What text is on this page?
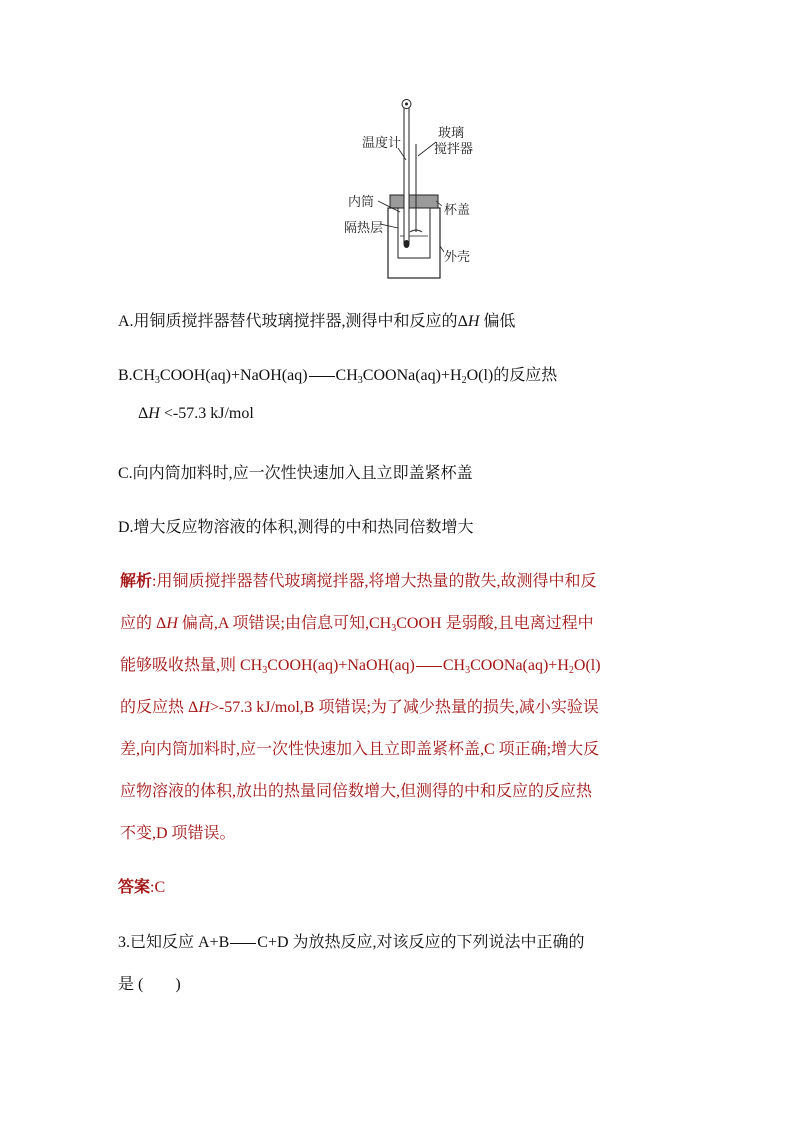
温度计
玻璃
搅拌器
内筒
杯盖
隔热层
外壳
A.用铜质搅拌器替代玻璃搅拌器,测得中和反应的ΔH 偏低
$B.CH_3COOH(aq)+NaOH(aq)$ $CH_3COONa(aq)+H_2O(l)$的反应热
ΔH <-57.3 kJ/mol
C.向内筒加料时,应一次性快速加入且立即盖紧杯盖
D.增大反应物溶液的体积,测得的中和热同倍数增大
解析:用铜质搅拌器替代玻璃搅拌器,将增大热量的散失,故测得中和反
应的 ΔH 偏高,A 项错误;由信息可知$,CH_3COOH$ 是弱酸,且电离过程中
能够吸收热量,则 $CH_3COOH(aq)+NaOH(aq)$ $CH_3COONa(aq)+H_2O(l)$
的反应热 ΔH>-57.3 kJ/mol,B 项错误;为了减少热量的损失,减小实验误
差,向内筒加料时,应一次性快速加入且立即盖紧杯盖,C 项正确;增大反
应物溶液的体积,放出的热量同倍数增大,但测得的中和反应的反应热
不变,D 项错误。
答案:C
3.已知反应 A+B C+D 为放热反应,对该反应的下列说法中正确的
是 (　　)
